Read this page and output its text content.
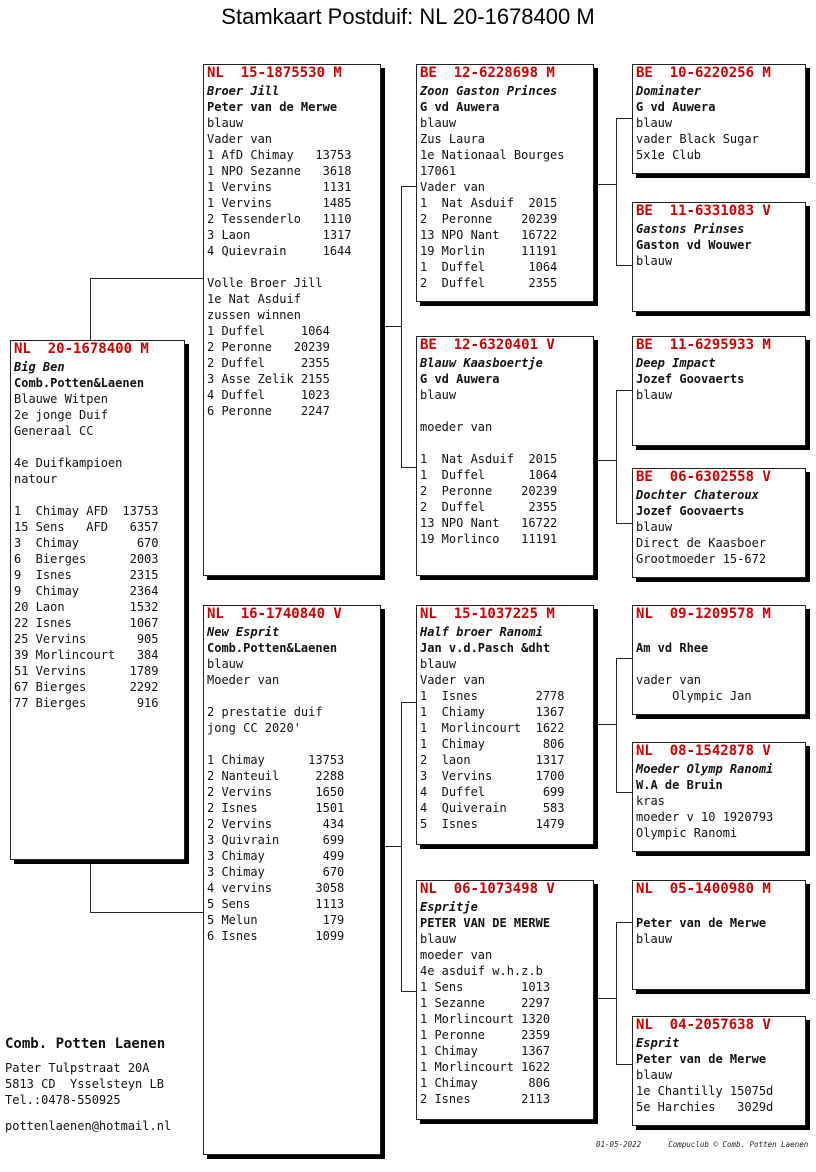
Stamkaart Postduif: NL 20-1678400 M
NL  20-1678400 M
Big Ben
Comb.Potten&Laenen
Blauwe Witpen
2e jonge Duif
Generaal CC
4e Duifkampioen
natour
1  Chimay AFD  13753
15 Sens   AFD   6357
3  Chimay        670
6  Bierges      2003
9  Isnes        2315
9  Chimay       2364
20 Laon         1532
22 Isnes        1067
25 Vervins       905
39 Morlincourt   384
51 Vervins      1789
67 Bierges      2292
77 Bierges       916
NL  15-1875530 M
Broer Jill
Peter van de Merwe
blauw
Vader van
1 AfD Chimay   13753
1 NPO Sezanne   3618
1 Vervins       1131
1 Vervins       1485
2 Tessenderlo   1110
3 Laon          1317
4 Quievrain     1644
Volle Broer Jill
1e Nat Asduif
zussen winnen
1 Duffel     1064
2 Peronne   20239
2 Duffel     2355
3 Asse Zelik 2155
4 Duffel     1023
6 Peronne    2247
NL  16-1740840 V
New Esprit
Comb.Potten&Laenen
blauw
Moeder van
2 prestatie duif
jong CC 2020'
1 Chimay      13753
2 Nanteuil     2288
2 Vervins      1650
2 Isnes        1501
2 Vervins       434
3 Quivrain      699
3 Chimay        499
3 Chimay        670
4 vervins      3058
5 Sens         1113
5 Melun         179
6 Isnes        1099
BE  12-6228698 M
Zoon Gaston Princes
G vd Auwera
blauw
Zus Laura
1e Nationaal Bourges
17061
Vader van
1  Nat Asduif  2015
2  Peronne    20239
13 NPO Nant   16722
19 Morlin     11191
1  Duffel      1064
2  Duffel      2355
BE  12-6320401 V
Blauw Kaasboertje
G vd Auwera
blauw
moeder van
1  Nat Asduif  2015
1  Duffel      1064
2  Peronne    20239
2  Duffel      2355
13 NPO Nant   16722
19 Morlinco   11191
NL  15-1037225 M
Half broer Ranomi
Jan v.d.Pasch &dht
blauw
Vader van
1  Isnes        2778
1  Chiamy       1367
1  Morlincourt  1622
1  Chimay        806
2  laon         1317
3  Vervins      1700
4  Duffel        699
4  Quiverain     583
5  Isnes        1479
NL  06-1073498 V
Espritje
PETER VAN DE MERWE
blauw
moeder van
4e asduif w.h.z.b
1 Sens        1013
1 Sezanne     2297
1 Morlincourt 1320
1 Peronne     2359
1 Chimay      1367
1 Morlincourt 1622
1 Chimay       806
2 Isnes       2113
BE  10-6220256 M
Dominater
G vd Auwera
blauw
vader Black Sugar
5x1e Club
BE  11-6331083 V
Gastons Prinses
Gaston vd Wouwer
blauw
BE  11-6295933 M
Deep Impact
Jozef Goovaerts
blauw
BE  06-6302558 V
Dochter Chateroux
Jozef Goovaerts
blauw
Direct de Kaasboer
Grootmoeder 15-672
NL  09-1209578 M
Am vd Rhee
vader van
Olympic Jan
NL  08-1542878 V
Moeder Olymp Ranomi
W.A de Bruin
kras
moeder v 10 1920793
Olympic Ranomi
NL  05-1400980 M
Peter van de Merwe
blauw
NL  04-2057638 V
Esprit
Peter van de Merwe
blauw
1e Chantilly 15075d
5e Harchies   3029d
Comb. Potten Laenen
Pater Tulpstraat 20A
5813 CD  Ysselsteyn LB
Tel.:0478-550925
pottenlaenen@hotmail.nl
01-05-2022      Compuclub © Comb. Potten Laenen
